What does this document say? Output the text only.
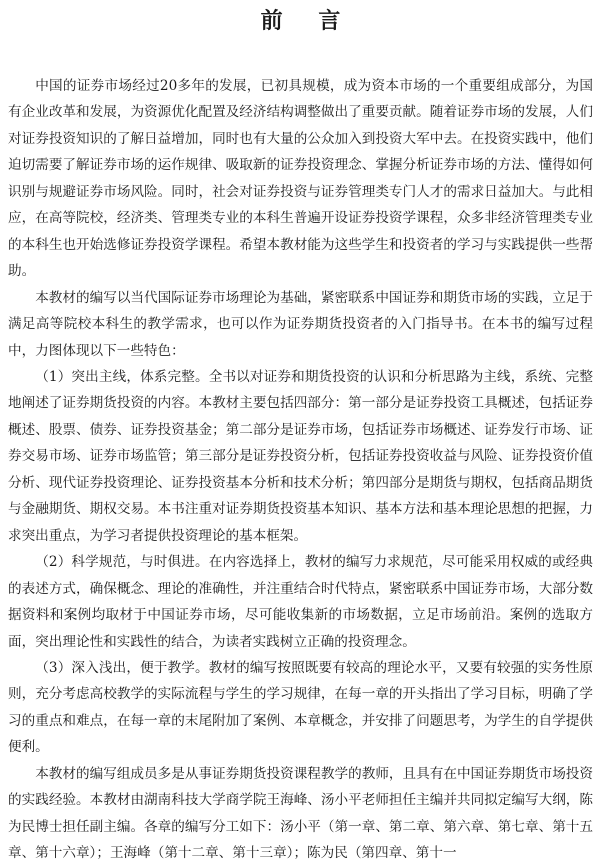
前 言

中国的证券市场经过20多年的发展，已初具规模，成为资本市场的一个重要组成部分，为国有企业改革和发展，为资源优化配置及经济结构调整做出了重要贡献。随着证券市场的发展，人们对证券投资知识的了解日益增加，同时也有大量的公众加入到投资大军中去。在投资实践中，他们迫切需要了解证券市场的运作规律、吸取新的证券投资理念、掌握分析证券市场的方法、懂得如何识别与规避证券市场风险。同时，社会对证券投资与证券管理类专门人才的需求日益加大。与此相应，在高等院校，经济类、管理类专业的本科生普遍开设证券投资学课程，众多非经济管理类专业的本科生也开始选修证券投资学课程。希望本教材能为这些学生和投资者的学习与实践提供一些帮助。

本教材的编写以当代国际证券市场理论为基础，紧密联系中国证券和期货市场的实践，立足于满足高等院校本科生的教学需求，也可以作为证券期货投资者的入门指导书。在本书的编写过程中，力图体现以下一些特色：

（1）突出主线，体系完整。全书以对证券和期货投资的认识和分析思路为主线，系统、完整地阐述了证券期货投资的内容。本教材主要包括四部分：第一部分是证券投资工具概述，包括证券概述、股票、债券、证券投资基金；第二部分是证券市场，包括证券市场概述、证券发行市场、证券交易市场、证券市场监管；第三部分是证券投资分析，包括证券投资收益与风险、证券投资价值分析、现代证券投资理论、证券投资基本分析和技术分析；第四部分是期货与期权，包括商品期货与金融期货、期权交易。本书注重对证券期货投资基本知识、基本方法和基本理论思想的把握，力求突出重点，为学习者提供投资理论的基本框架。

（2）科学规范，与时俱进。在内容选择上，教材的编写力求规范，尽可能采用权威的或经典的表述方式，确保概念、理论的准确性，并注重结合时代特点，紧密联系中国证券市场，大部分数据资料和案例均取材于中国证券市场，尽可能收集新的市场数据，立足市场前沿。案例的选取方面，突出理论性和实践性的结合，为读者实践树立正确的投资理念。

（3）深入浅出，便于教学。教材的编写按照既要有较高的理论水平，又要有较强的实务性原则，充分考虑高校教学的实际流程与学生的学习规律，在每一章的开头指出了学习目标，明确了学习的重点和难点，在每一章的末尾附加了案例、本章概念，并安排了问题思考，为学生的自学提供便利。

本教材的编写组成员多是从事证券期货投资课程教学的教师，且具有在中国证券期货市场投资的实践经验。本教材由湖南科技大学商学院王海峰、汤小平老师担任主编并共同拟定编写大纲，陈为民博士担任副主编。各章的编写分工如下：汤小平（第一章、第二章、第六章、第七章、第十五章、第十六章）；王海峰（第十二章、第十三章）；陈为民（第四章、第十一
